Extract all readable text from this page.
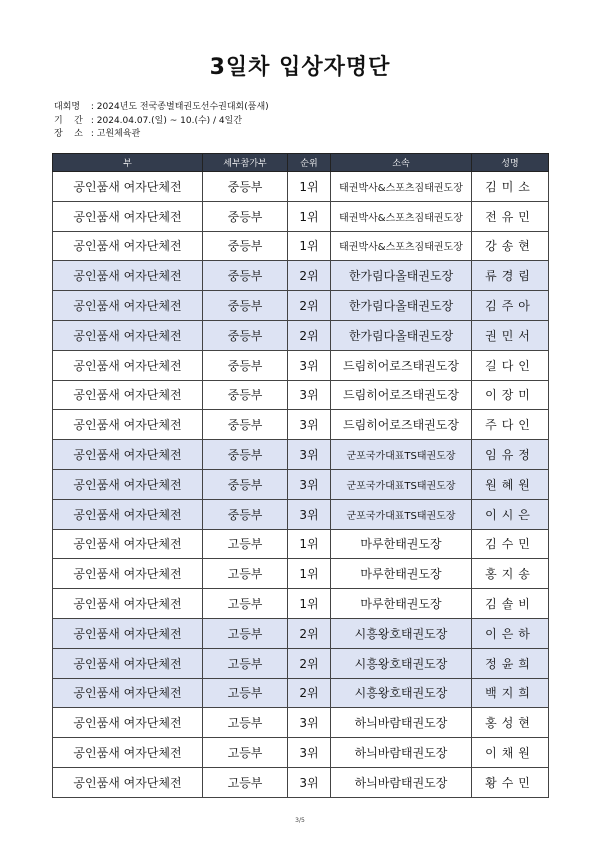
3일차 입상자명단
대회명 : 2024년도 전국종별태권도선수권대회(품새)
기    간 : 2024.04.07.(일) ~ 10.(수) / 4일간
장    소 : 고원체육관
부	세부참가부	순위	소속	성명
공인품새 여자단체전	중등부	1위	태권박사&스포츠짐태권도장	김미소
공인품새 여자단체전	중등부	1위	태권박사&스포츠짐태권도장	전유민
공인품새 여자단체전	중등부	1위	태권박사&스포츠짐태권도장	강송현
공인품새 여자단체전	중등부	2위	한가림다올태권도장	류경림
공인품새 여자단체전	중등부	2위	한가림다올태권도장	김주아
공인품새 여자단체전	중등부	2위	한가림다올태권도장	권민서
공인품새 여자단체전	중등부	3위	드림히어로즈태권도장	길다인
공인품새 여자단체전	중등부	3위	드림히어로즈태권도장	이장미
공인품새 여자단체전	중등부	3위	드림히어로즈태권도장	주다인
공인품새 여자단체전	중등부	3위	군포국가대표TS태권도장	임유정
공인품새 여자단체전	중등부	3위	군포국가대표TS태권도장	원혜원
공인품새 여자단체전	중등부	3위	군포국가대표TS태권도장	이시은
공인품새 여자단체전	고등부	1위	마루한태권도장	김수민
공인품새 여자단체전	고등부	1위	마루한태권도장	홍지송
공인품새 여자단체전	고등부	1위	마루한태권도장	김솔비
공인품새 여자단체전	고등부	2위	시흥왕호태권도장	이은하
공인품새 여자단체전	고등부	2위	시흥왕호태권도장	정윤희
공인품새 여자단체전	고등부	2위	시흥왕호태권도장	백지희
공인품새 여자단체전	고등부	3위	하늬바람태권도장	홍성현
공인품새 여자단체전	고등부	3위	하늬바람태권도장	이채원
공인품새 여자단체전	고등부	3위	하늬바람태권도장	황수민
3/5
